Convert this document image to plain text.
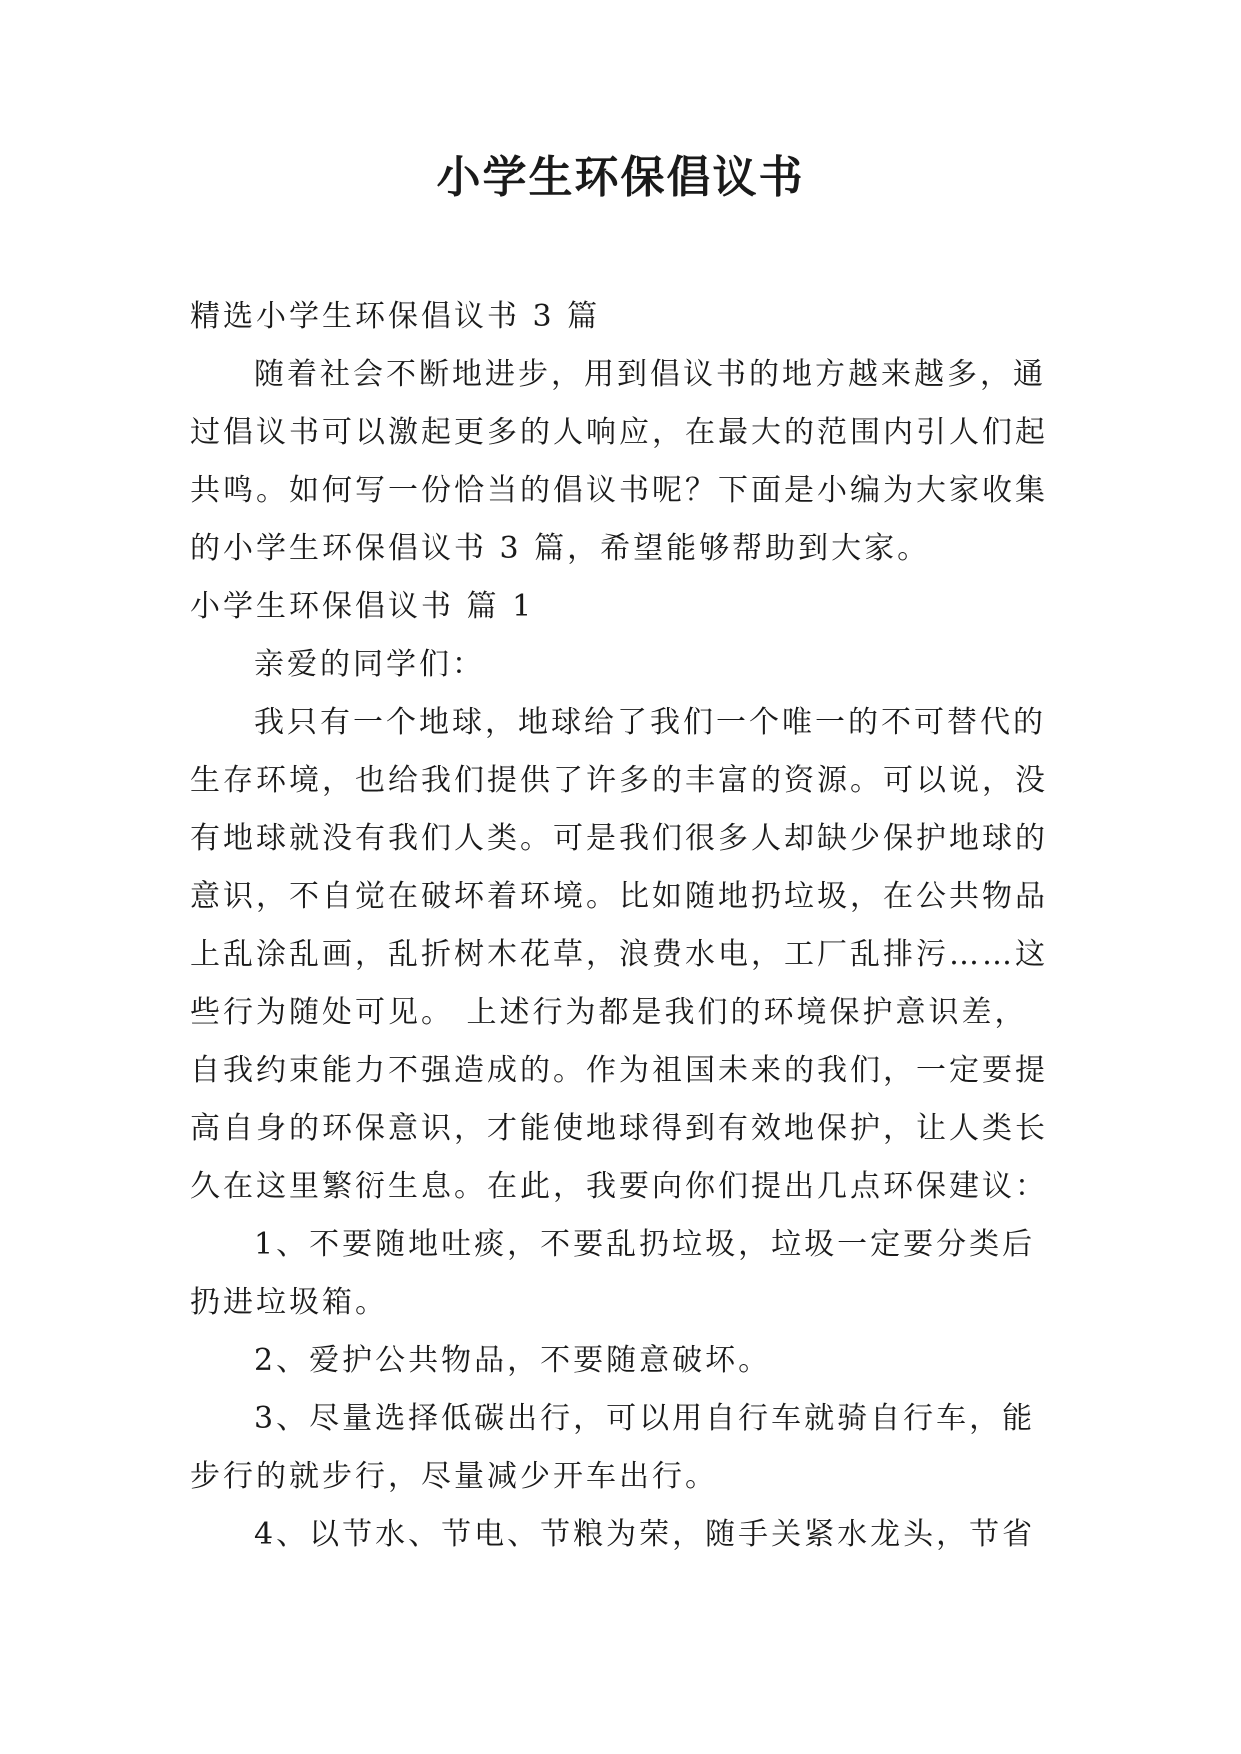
小学生环保倡议书
精选小学生环保倡议书 3 篇
随着社会不断地进步，用到倡议书的地方越来越多，通
过倡议书可以激起更多的人响应，在最大的范围内引人们起
共鸣。如何写一份恰当的倡议书呢？下面是小编为大家收集
的小学生环保倡议书 3 篇，希望能够帮助到大家。
小学生环保倡议书 篇 1
亲爱的同学们：
我只有一个地球，地球给了我们一个唯一的不可替代的
生存环境，也给我们提供了许多的丰富的资源。可以说，没
有地球就没有我们人类。可是我们很多人却缺少保护地球的
意识，不自觉在破坏着环境。比如随地扔垃圾，在公共物品
上乱涂乱画，乱折树木花草，浪费水电，工厂乱排污……这
些行为随处可见。 上述行为都是我们的环境保护意识差，
自我约束能力不强造成的。作为祖国未来的我们，一定要提
高自身的环保意识，才能使地球得到有效地保护，让人类长
久在这里繁衍生息。在此，我要向你们提出几点环保建议：
1、不要随地吐痰，不要乱扔垃圾，垃圾一定要分类后
扔进垃圾箱。
2、爱护公共物品，不要随意破坏。
3、尽量选择低碳出行，可以用自行车就骑自行车，能
步行的就步行，尽量减少开车出行。
4、以节水、节电、节粮为荣，随手关紧水龙头，节省
